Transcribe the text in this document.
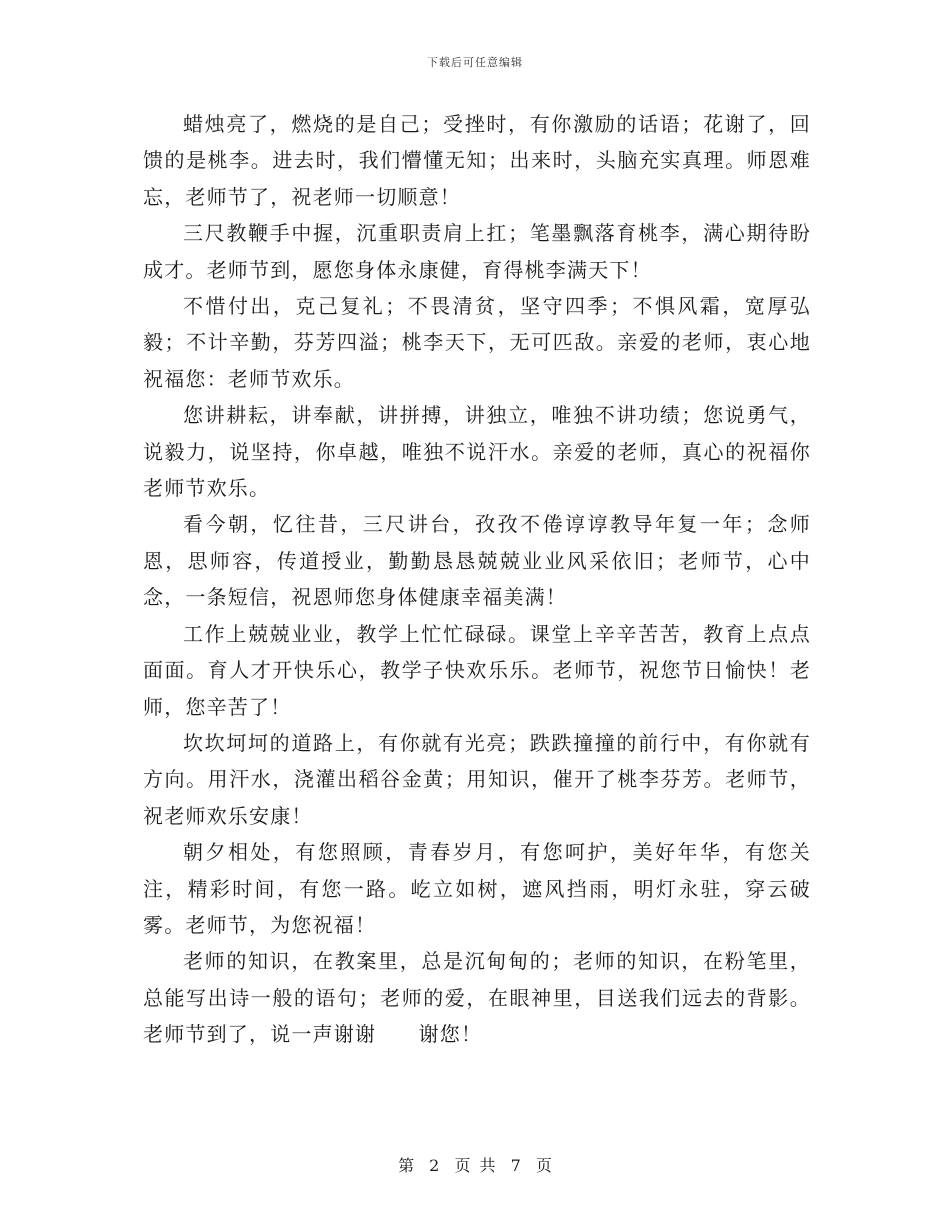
下载后可任意编辑

蜡烛亮了，燃烧的是自己；受挫时，有你激励的话语；花谢了，回馈的是桃李。进去时，我们懵懂无知；出来时，头脑充实真理。师恩难忘，老师节了，祝老师一切顺意！

三尺教鞭手中握，沉重职责肩上扛；笔墨飘落育桃李，满心期待盼成才。老师节到，愿您身体永康健，育得桃李满天下！

不惜付出，克己复礼；不畏清贫，坚守四季；不惧风霜，宽厚弘毅；不计辛勤，芬芳四溢；桃李天下，无可匹敌。亲爱的老师，衷心地祝福您：老师节欢乐。

您讲耕耘，讲奉献，讲拼搏，讲独立，唯独不讲功绩；您说勇气，说毅力，说坚持，你卓越，唯独不说汗水。亲爱的老师，真心的祝福你老师节欢乐。

看今朝，忆往昔，三尺讲台，孜孜不倦谆谆教导年复一年；念师恩，思师容，传道授业，勤勤恳恳兢兢业业风采依旧；老师节，心中念，一条短信，祝恩师您身体健康幸福美满！

工作上兢兢业业，教学上忙忙碌碌。课堂上辛辛苦苦，教育上点点面面。育人才开快乐心，教学子快欢乐乐。老师节，祝您节日愉快！老师，您辛苦了！

坎坎坷坷的道路上，有你就有光亮；跌跌撞撞的前行中，有你就有方向。用汗水，浇灌出稻谷金黄；用知识，催开了桃李芬芳。老师节，祝老师欢乐安康！

朝夕相处，有您照顾，青春岁月，有您呵护，美好年华，有您关注，精彩时间，有您一路。屹立如树，遮风挡雨，明灯永驻，穿云破雾。老师节，为您祝福！

老师的知识，在教案里，总是沉甸甸的；老师的知识，在粉笔里，总能写出诗一般的语句；老师的爱，在眼神里，目送我们远去的背影。老师节到了，说一声谢谢　　谢您！

第 2 页 共 7 页
